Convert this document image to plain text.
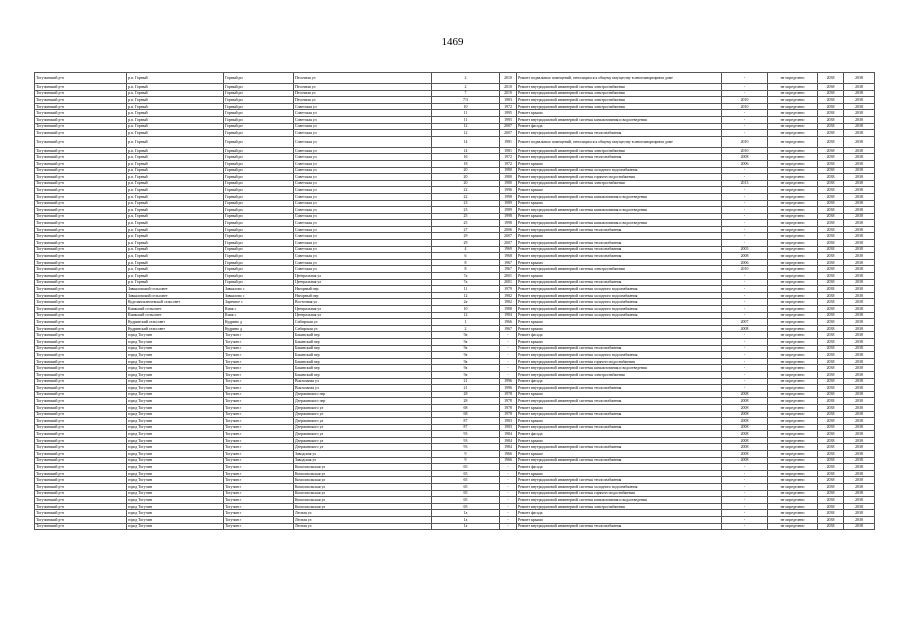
1469
Тогучинский р-н	р.п. Горный	Горный рп	Песочная ул	2	2010	Ремонт подвальных помещений, относящихся к общему имуществу в многоквартирном доме	-	не определено	2038	2038
Тогучинский р-н	р.п. Горный	Горный рп	Песочная ул	2	2010	Ремонт внутридомовой инженерной системы электроснабжения	-	не определено	2038	2038
Тогучинский р-н	р.п. Горный	Горный рп	Песочная ул	7	2010	Ремонт внутридомовой инженерной системы электроснабжения	-	не определено	2038	2038
Тогучинский р-н	р.п. Горный	Горный рп	Песочная ул	7/3	1983	Ремонт внутридомовой инженерной системы электроснабжения	2010	не определено	2038	2038
Тогучинский р-н	р.п. Горный	Горный рп	Советская ул	10	1972	Ремонт внутридомовой инженерной системы электроснабжения	2010	не определено	2038	2038
Тогучинский р-н	р.п. Горный	Горный рп	Советская ул	11	1995	Ремонт крыши	-	не определено	2038	2038
Тогучинский р-н	р.п. Горный	Горный рп	Советская ул	11	1995	Ремонт внутридомовой инженерной системы канализования и водоотведения	-	не определено	2038	2038
Тогучинский р-н	р.п. Горный	Горный рп	Советская ул	12	2007	Ремонт фасада	-	не определено	2038	2038
Тогучинский р-н	р.п. Горный	Горный рп	Советская ул	12	2007	Ремонт внутридомовой инженерной системы теплоснабжения	-	не определено	2038	2038
Тогучинский р-н	р.п. Горный	Горный рп	Советская ул	14	1981	Ремонт подвальных помещений, относящихся к общему имуществу в многоквартирном доме	2010	не определено	2038	2038
Тогучинский р-н	р.п. Горный	Горный рп	Советская ул	14	1981	Ремонт внутридомовой инженерной системы электроснабжения	2010	не определено	2038	2038
Тогучинский р-н	р.п. Горный	Горный рп	Советская ул	16	1972	Ремонт внутридомовой инженерной системы теплоснабжения	2008	не определено	2038	2038
Тогучинский р-н	р.п. Горный	Горный рп	Советская ул	18	1972	Ремонт крыши	2006	не определено	2038	2038
Тогучинский р-н	р.п. Горный	Горный рп	Советская ул	20	1980	Ремонт внутридомовой инженерной системы холодного водоснабжения	-	не определено	2038	2038
Тогучинский р-н	р.п. Горный	Горный рп	Советская ул	20	1980	Ремонт внутридомовой инженерной системы горячего водоснабжения	-	не определено	2038	2038
Тогучинский р-н	р.п. Горный	Горный рп	Советская ул	20	1980	Ремонт внутридомовой инженерной системы электроснабжения	2013	не определено	2038	2038
Тогучинский р-н	р.п. Горный	Горный рп	Советская ул	22	1996	Ремонт крыши	-	не определено	2038	2038
Тогучинский р-н	р.п. Горный	Горный рп	Советская ул	22	1998	Ремонт внутридомовой инженерной системы канализования и водоотведения	-	не определено	2038	2038
Тогучинский р-н	р.п. Горный	Горный рп	Советская ул	23	1989	Ремонт крыши	-	не определено	2038	2038
Тогучинский р-н	р.п. Горный	Горный рп	Советская ул	23	1989	Ремонт внутридомовой инженерной системы канализования и водоотведения	-	не определено	2038	2038
Тогучинский р-н	р.п. Горный	Горный рп	Советская ул	25	1998	Ремонт крыши	-	не определено	2038	2038
Тогучинский р-н	р.п. Горный	Горный рп	Советская ул	25	1998	Ремонт внутридомовой инженерной системы канализования и водоотведения	-	не определено	2038	2038
Тогучинский р-н	р.п. Горный	Горный рп	Советская ул	27	2006	Ремонт внутридомовой инженерной системы теплоснабжения	-	не определено	2038	2038
Тогучинский р-н	р.п. Горный	Горный рп	Советская ул	29	2007	Ремонт крыши	-	не определено	2038	2038
Тогучинский р-н	р.п. Горный	Горный рп	Советская ул	29	2007	Ремонт внутридомовой инженерной системы теплоснабжения	-	не определено	2038	2038
Тогучинский р-н	р.п. Горный	Горный рп	Советская ул	4	1969	Ремонт внутридомовой инженерной системы теплоснабжения	2005	не определено	2038	2038
Тогучинский р-н	р.п. Горный	Горный рп	Советская ул	6	1968	Ремонт внутридомовой инженерной системы теплоснабжения	2008	не определено	2038	2038
Тогучинский р-н	р.п. Горный	Горный рп	Советская ул	8	1967	Ремонт крыши	2006	не определено	2038	2038
Тогучинский р-н	р.п. Горный	Горный рп	Советская ул	8	1967	Ремонт внутридомовой инженерной системы электроснабжения	2010	не определено	2038	2038
Тогучинский р-н	р.п. Горный	Горный рп	Центральная ул	7а	2001	Ремонт крыши	-	не определено	2038	2038
Тогучинский р-н	р.п. Горный	Горный рп	Центральная ул	7а	2001	Ремонт внутридомовой инженерной системы теплоснабжения	-	не определено	2038	2038
Тогучинский р-н	Завьяловский сельсовет	Завьялово с	Нагорный пер	11	1979	Ремонт внутридомовой инженерной системы холодного водоснабжения	-	не определено	2038	2038
Тогучинский р-н	Завьяловский сельсовет	Завьялово с	Нагорный пер	12	1982	Ремонт внутридомовой инженерной системы холодного водоснабжения	-	не определено	2038	2038
Тогучинский р-н	Кудельноключевской сельсовет	Заречное с	Восточная ул	2а	1982	Ремонт внутридомовой инженерной системы холодного водоснабжения	-	не определено	2038	2038
Тогучинский р-н	Киикский сельсовет	Киик с	Центральная ул	10	1988	Ремонт внутридомовой инженерной системы холодного водоснабжения	-	не определено	2038	2038
Тогучинский р-н	Киикский сельсовет	Киик с	Центральная ул	12	1984	Ремонт внутридомовой инженерной системы холодного водоснабжения	-	не определено	2038	2038
Тогучинский р-н	Кудринский сельсовет	Кудрино д	Сибирская ул	1	1966	Ремонт крыши	2007	не определено	2038	2038
Тогучинский р-н	Кудринский сельсовет	Кудрино д	Сибирская ул	2	1967	Ремонт крыши	2008	не определено	2038	2038
Тогучинский р-н	город Тогучин	Тогучин г	Бакинский пер	9а	-	Ремонт фасада	-	не определено	2038	2038
Тогучинский р-н	город Тогучин	Тогучин г	Бакинский пер	9а	-	Ремонт крыши	-	не определено	2038	2038
Тогучинский р-н	город Тогучин	Тогучин г	Бакинский пер	9а	-	Ремонт внутридомовой инженерной системы теплоснабжения	-	не определено	2038	2038
Тогучинский р-н	город Тогучин	Тогучин г	Бакинский пер	9а	-	Ремонт внутридомовой инженерной системы холодного водоснабжения	-	не определено	2038	2038
Тогучинский р-н	город Тогучин	Тогучин г	Бакинский пер	9а	-	Ремонт внутридомовой инженерной системы горячего водоснабжения	-	не определено	2038	2038
Тогучинский р-н	город Тогучин	Тогучин г	Бакинский пер	9а	-	Ремонт внутридомовой инженерной системы канализования и водоотведения	-	не определено	2038	2038
Тогучинский р-н	город Тогучин	Тогучин г	Бакинский пер	9а	-	Ремонт внутридомовой инженерной системы электроснабжения	-	не определено	2038	2038
Тогучинский р-н	город Тогучин	Тогучин г	Вокзальная ул	21	1996	Ремонт фасада	-	не определено	2038	2038
Тогучинский р-н	город Тогучин	Тогучин г	Вокзальная ул	21	1996	Ремонт внутридомовой инженерной системы теплоснабжения	-	не определено	2038	2038
Тогучинский р-н	город Тогучин	Тогучин г	Дзержинского пер	28	1978	Ремонт крыши	2008	не определено	2038	2038
Тогучинский р-н	город Тогучин	Тогучин г	Дзержинского пер	28	1978	Ремонт внутридомовой инженерной системы теплоснабжения	2008	не определено	2038	2038
Тогучинский р-н	город Тогучин	Тогучин г	Дзержинского ул	68	1978	Ремонт крыши	2008	не определено	2038	2038
Тогучинский р-н	город Тогучин	Тогучин г	Дзержинского ул	68	1978	Ремонт внутридомовой инженерной системы теплоснабжения	2008	не определено	2038	2038
Тогучинский р-н	город Тогучин	Тогучин г	Дзержинского ул	87	1983	Ремонт крыши	2008	не определено	2038	2038
Тогучинский р-н	город Тогучин	Тогучин г	Дзержинского ул	87	1983	Ремонт внутридомовой инженерной системы теплоснабжения	2008	не определено	2038	2038
Тогучинский р-н	город Тогучин	Тогучин г	Дзержинского ул	93	1984	Ремонт фасада	2008	не определено	2038	2038
Тогучинский р-н	город Тогучин	Тогучин г	Дзержинского ул	93	1984	Ремонт крыши	2008	не определено	2038	2038
Тогучинский р-н	город Тогучин	Тогучин г	Дзержинского ул	93	1984	Ремонт внутридомовой инженерной системы теплоснабжения	2008	не определено	2038	2038
Тогучинский р-н	город Тогучин	Тогучин г	Заводская ул	9	1966	Ремонт крыши	2008	не определено	2038	2038
Тогучинский р-н	город Тогучин	Тогучин г	Заводская ул	9	1966	Ремонт внутридомовой инженерной системы теплоснабжения	2008	не определено	2038	2038
Тогучинский р-н	город Тогучин	Тогучин г	Комсомольская ул	65	-	Ремонт фасада	-	не определено	2038	2038
Тогучинский р-н	город Тогучин	Тогучин г	Комсомольская ул	65	-	Ремонт крыши	-	не определено	2038	2038
Тогучинский р-н	город Тогучин	Тогучин г	Комсомольская ул	65	-	Ремонт внутридомовой инженерной системы теплоснабжения	-	не определено	2038	2038
Тогучинский р-н	город Тогучин	Тогучин г	Комсомольская ул	65	-	Ремонт внутридомовой инженерной системы холодного водоснабжения	-	не определено	2038	2038
Тогучинский р-н	город Тогучин	Тогучин г	Комсомольская ул	65	-	Ремонт внутридомовой инженерной системы горячего водоснабжения	-	не определено	2038	2038
Тогучинский р-н	город Тогучин	Тогучин г	Комсомольская ул	65	-	Ремонт внутридомовой инженерной системы канализования и водоотведения	-	не определено	2038	2038
Тогучинский р-н	город Тогучин	Тогучин г	Комсомольская ул	65	-	Ремонт внутридомовой инженерной системы электроснабжения	-	не определено	2038	2038
Тогучинский р-н	город Тогучин	Тогучин г	Лесная ул	1а	-	Ремонт фасада	-	не определено	2038	2038
Тогучинский р-н	город Тогучин	Тогучин г	Лесная ул	1а	-	Ремонт крыши	-	не определено	2038	2038
Тогучинский р-н	город Тогучин	Тогучин г	Лесная ул	1а	-	Ремонт внутридомовой инженерной системы теплоснабжения	-	не определено	2038	2038
